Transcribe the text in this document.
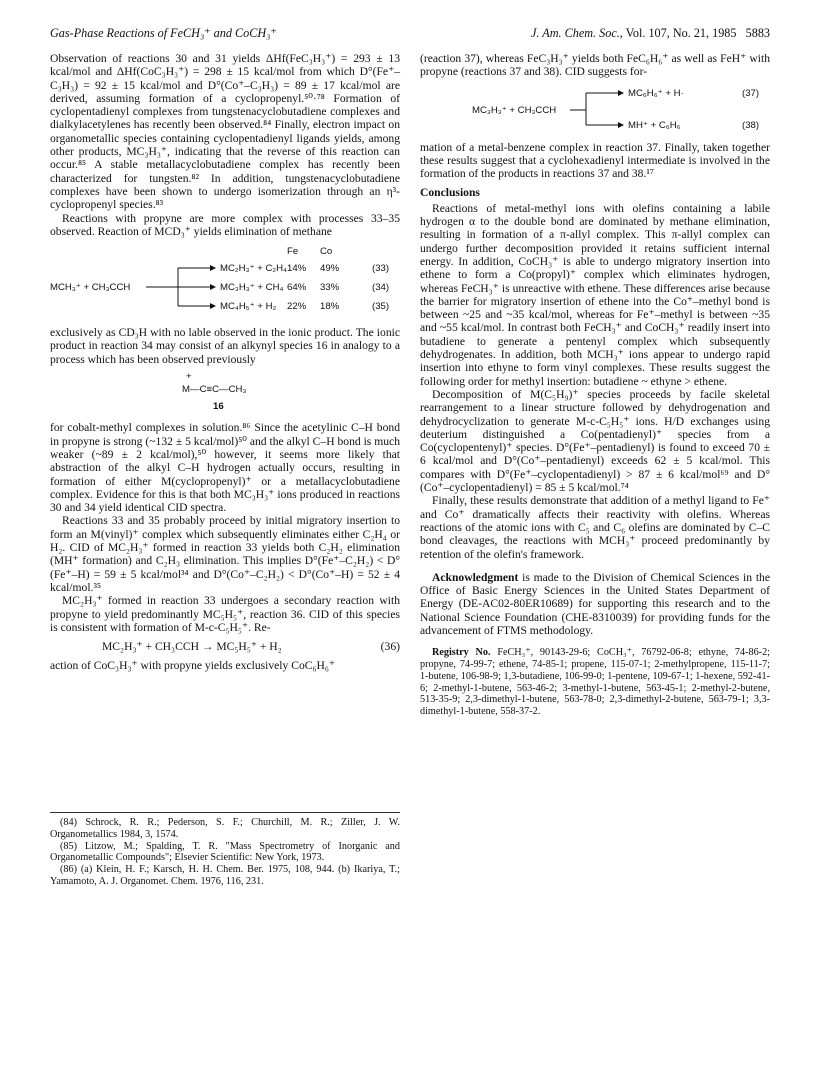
Gas-Phase Reactions of FeCH₃⁺ and CoCH₃⁺	J. Am. Chem. Soc., Vol. 107, No. 21, 1985 5883

Observation of reactions 30 and 31 yields ΔHf(FeC₃H₃⁺) = 293 ± 13 kcal/mol and ΔHf(CoC₃H₃⁺) = 298 ± 15 kcal/mol from which D°(Fe⁺–C₃H₃) = 92 ± 15 kcal/mol and D°(Co⁺–C₃H₃) = 89 ± 17 kcal/mol are derived, assuming formation of a cyclopropenyl.⁵⁰·⁷⁸ Formation of cyclopentadienyl complexes from tungstenacyclobutadiene complexes and dialkylacetylenes has recently been observed.⁸⁴ Finally, electron impact on organometallic species containing cyclopentadienyl ligands yields, among other products, MC₃H₃⁺, indicating that the reverse of this reaction can occur.⁸⁵ A stable metallacyclobutadiene complex has recently been characterized for tungsten.⁸² In addition, tungstenacyclobutadiene complexes have been shown to undergo isomerization through an η³-cyclopropenyl species.⁸³

Reactions with propyne are more complex with processes 33–35 observed. Reaction of MCD₃⁺ yields elimination of methane

Fe Co
MCH₃⁺ + CH₃CCH
MC₂H₃⁺ + C₂H₄ 14% 49%	(33)
MC₃H₃⁺ + CH₄ 64% 33%	(34)
MC₄H₅⁺ + H₂ 22% 18%	(35)

exclusively as CD₃H with no lable observed in the ionic product. The ionic product in reaction 34 may consist of an alkynyl species 16 in analogy to a process which has been observed previously

+
M—C≡C—CH₃
16

for cobalt-methyl complexes in solution.⁸⁶ Since the acetylinic C–H bond in propyne is strong (~132 ± 5 kcal/mol)⁵⁰ and the alkyl C–H bond is much weaker (~89 ± 2 kcal/mol),⁵⁰ however, it seems more likely that abstraction of the alkyl C–H hydrogen actually occurs, resulting in formation of either M(cyclopropenyl)⁺ or a metallacyclobutadiene complex. Evidence for this is that both MC₃H₃⁺ ions produced in reactions 30 and 34 yield identical CID spectra.

Reactions 33 and 35 probably proceed by initial migratory insertion to form an M(vinyl)⁺ complex which subsequently eliminates either C₂H₄ or H₂. CID of MC₂H₃⁺ formed in reaction 33 yields both C₂H₂ elimination (MH⁺ formation) and C₂H₃ elimination. This implies D°(Fe⁺–C₂H₂) < D°(Fe⁺–H) = 59 ± 5 kcal/mol³⁴ and D°(Co⁺–C₂H₂) < D°(Co⁺–H) = 52 ± 4 kcal/mol.³⁵

MC₂H₃⁺ formed in reaction 33 undergoes a secondary reaction with propyne to yield predominantly MC₅H₅⁺, reaction 36. CID of this species is consistent with formation of M-c-C₅H₅⁺. Re-

MC₂H₃⁺ + CH₃CCH → MC₅H₅⁺ + H₂	(36)

action of CoC₃H₃⁺ with propyne yields exclusively CoC₆H₆⁺

(84) Schrock, R. R.; Pederson, S. F.; Churchill, M. R.; Ziller, J. W. Organometallics 1984, 3, 1574.

(85) Litzow, M.; Spalding, T. R. "Mass Spectrometry of Inorganic and Organometallic Compounds"; Elsevier Scientific: New York, 1973.

(86) (a) Klein, H. F.; Karsch, H. H. Chem. Ber. 1975, 108, 944. (b) Ikariya, T.; Yamamoto, A. J. Organomet. Chem. 1976, 116, 231.

(reaction 37), whereas FeC₃H₃⁺ yields both FeC₆H₆⁺ as well as FeH⁺ with propyne (reactions 37 and 38). CID suggests for-

MC₃H₃⁺ + CH₃CCH
MC₆H₆⁺ + H·	(37)
MH⁺ + C₆H₆	(38)

mation of a metal-benzene complex in reaction 37. Finally, taken together these results suggest that a cyclohexadienyl intermediate is involved in the formation of the products in reactions 37 and 38.¹⁷

Conclusions

Reactions of metal-methyl ions with olefins containing a labile hydrogen α to the double bond are dominated by methane elimination, resulting in formation of a π-allyl complex. This π-allyl complex can undergo further decomposition provided it retains sufficient internal energy. In addition, CoCH₃⁺ is able to undergo migratory insertion into ethene to form a Co(propyl)⁺ complex which eliminates hydrogen, whereas FeCH₃⁺ is unreactive with ethene. These differences arise because the barrier for migratory insertion of ethene into the Co⁺–methyl bond is between ~25 and ~35 kcal/mol, whereas for Fe⁺–methyl is between ~35 and ~55 kcal/mol. In contrast both FeCH₃⁺ and CoCH₃⁺ readily insert into butadiene to generate a pentenyl complex which subsequently dehydrogenates. In addition, both MCH₃⁺ ions appear to undergo rapid insertion into ethyne to form vinyl complexes. These results suggest the following order for methyl insertion: butadiene ~ ethyne > ethene.

Decomposition of M(C₅H₉)⁺ species proceeds by facile skeletal rearrangement to a linear structure followed by dehydrogenation and dehydrocyclization to generate M-c-C₅H₅⁺ ions. H/D exchanges using deuterium distinguished a Co(pentadienyl)⁺ species from a Co(cyclopentenyl)⁺ species. D°(Fe⁺–pentadienyl) is found to exceed 70 ± 6 kcal/mol and D°(Co⁺–pentadienyl) exceeds 62 ± 5 kcal/mol. This compares with D°(Fe⁺–cyclopentadienyl) > 87 ± 6 kcal/mol⁶⁹ and D°(Co⁺–cyclopentadienyl) = 85 ± 5 kcal/mol.⁷⁴

Finally, these results demonstrate that addition of a methyl ligand to Fe⁺ and Co⁺ dramatically affects their reactivity with olefins. Whereas reactions of the atomic ions with C₅ and C₆ olefins are dominated by C–C bond cleavages, the reactions with MCH₃⁺ proceed predominantly by retention of the olefin's framework.

Acknowledgment is made to the Division of Chemical Sciences in the Office of Basic Energy Sciences in the United States Department of Energy (DE-AC02-80ER10689) for supporting this research and to the National Science Foundation (CHE-8310039) for providing funds for the advancement of FTMS methodology.

Registry No. FeCH₃⁺, 90143-29-6; CoCH₃⁺, 76792-06-8; ethyne, 74-86-2; propyne, 74-99-7; ethene, 74-85-1; propene, 115-07-1; 2-methylpropene, 115-11-7; 1-butene, 106-98-9; 1,3-butadiene, 106-99-0; 1-pentene, 109-67-1; 1-hexene, 592-41-6; 2-methyl-1-butene, 563-46-2; 3-methyl-1-butene, 563-45-1; 2-methyl-2-butene, 513-35-9; 2,3-dimethyl-1-butene, 563-78-0; 2,3-dimethyl-2-butene, 563-79-1; 3,3-dimethyl-1-butene, 558-37-2.
